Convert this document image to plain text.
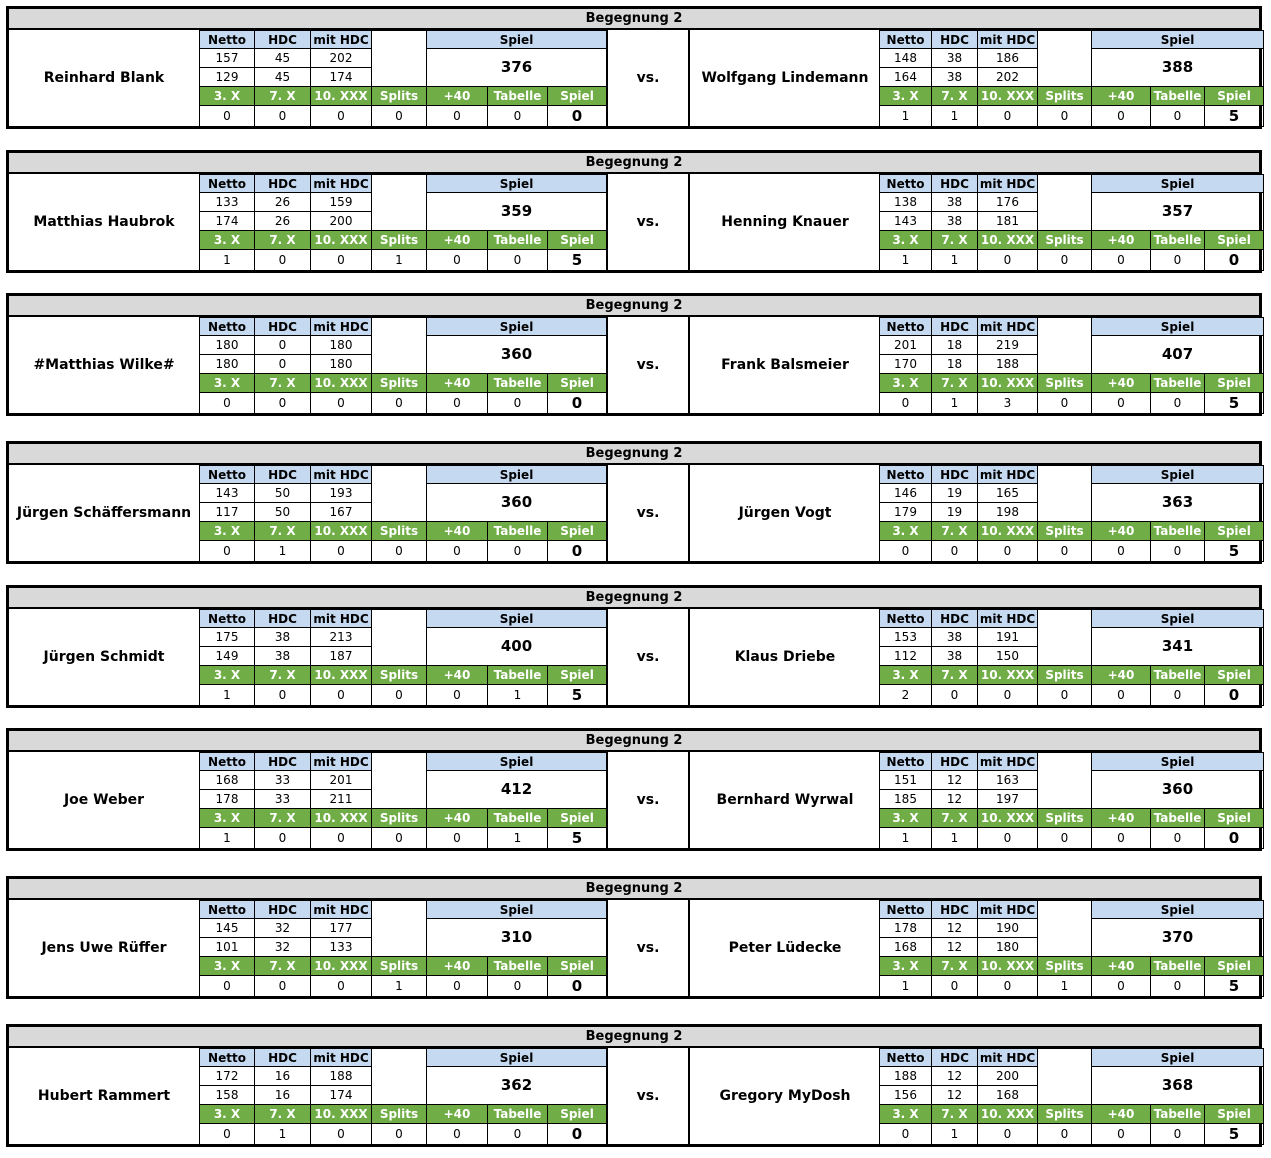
Begegnung 2
Reinhard Blank
Netto	HDC	mit HDC		Spiel		
157	45	202		376		
129	45	174				
3. X	7. X	10. XXX	Splits	+40	Tabelle	Spiel
0	0	0	0	0	0	0
vs.	Wolfgang Lindemann
Netto	HDC	mit HDC		Spiel		
148	38	186		388		
164	38	202				
3. X	7. X	10. XXX	Splits	+40	Tabelle	Spiel
1	1	0	0	0	0	5
Begegnung 2
Matthias Haubrok
Netto	HDC	mit HDC		Spiel		
133	26	159		359		
174	26	200				
3. X	7. X	10. XXX	Splits	+40	Tabelle	Spiel
1	0	0	1	0	0	5
vs.	Henning Knauer
Netto	HDC	mit HDC		Spiel		
138	38	176		357		
143	38	181				
3. X	7. X	10. XXX	Splits	+40	Tabelle	Spiel
1	1	0	0	0	0	0
Begegnung 2
#Matthias Wilke#
Netto	HDC	mit HDC		Spiel		
180	0	180		360		
180	0	180				
3. X	7. X	10. XXX	Splits	+40	Tabelle	Spiel
0	0	0	0	0	0	0
vs.	Frank Balsmeier
Netto	HDC	mit HDC		Spiel		
201	18	219		407		
170	18	188				
3. X	7. X	10. XXX	Splits	+40	Tabelle	Spiel
0	1	3	0	0	0	5
Begegnung 2
Jürgen Schäffersmann
Netto	HDC	mit HDC		Spiel		
143	50	193		360		
117	50	167				
3. X	7. X	10. XXX	Splits	+40	Tabelle	Spiel
0	1	0	0	0	0	0
vs.	Jürgen Vogt
Netto	HDC	mit HDC		Spiel		
146	19	165		363		
179	19	198				
3. X	7. X	10. XXX	Splits	+40	Tabelle	Spiel
0	0	0	0	0	0	5
Begegnung 2
Jürgen Schmidt
Netto	HDC	mit HDC		Spiel		
175	38	213		400		
149	38	187				
3. X	7. X	10. XXX	Splits	+40	Tabelle	Spiel
1	0	0	0	0	1	5
vs.	Klaus Driebe
Netto	HDC	mit HDC		Spiel		
153	38	191		341		
112	38	150				
3. X	7. X	10. XXX	Splits	+40	Tabelle	Spiel
2	0	0	0	0	0	0
Begegnung 2
Joe Weber
Netto	HDC	mit HDC		Spiel		
168	33	201		412		
178	33	211				
3. X	7. X	10. XXX	Splits	+40	Tabelle	Spiel
1	0	0	0	0	1	5
vs.	Bernhard Wyrwal
Netto	HDC	mit HDC		Spiel		
151	12	163		360		
185	12	197				
3. X	7. X	10. XXX	Splits	+40	Tabelle	Spiel
1	1	0	0	0	0	0
Begegnung 2
Jens Uwe Rüffer
Netto	HDC	mit HDC		Spiel		
145	32	177		310		
101	32	133				
3. X	7. X	10. XXX	Splits	+40	Tabelle	Spiel
0	0	0	1	0	0	0
vs.	Peter Lüdecke
Netto	HDC	mit HDC		Spiel		
178	12	190		370		
168	12	180				
3. X	7. X	10. XXX	Splits	+40	Tabelle	Spiel
1	0	0	1	0	0	5
Begegnung 2
Hubert Rammert
Netto	HDC	mit HDC		Spiel		
172	16	188		362		
158	16	174				
3. X	7. X	10. XXX	Splits	+40	Tabelle	Spiel
0	1	0	0	0	0	0
vs.	Gregory MyDosh
Netto	HDC	mit HDC		Spiel		
188	12	200		368		
156	12	168				
3. X	7. X	10. XXX	Splits	+40	Tabelle	Spiel
0	1	0	0	0	0	5
